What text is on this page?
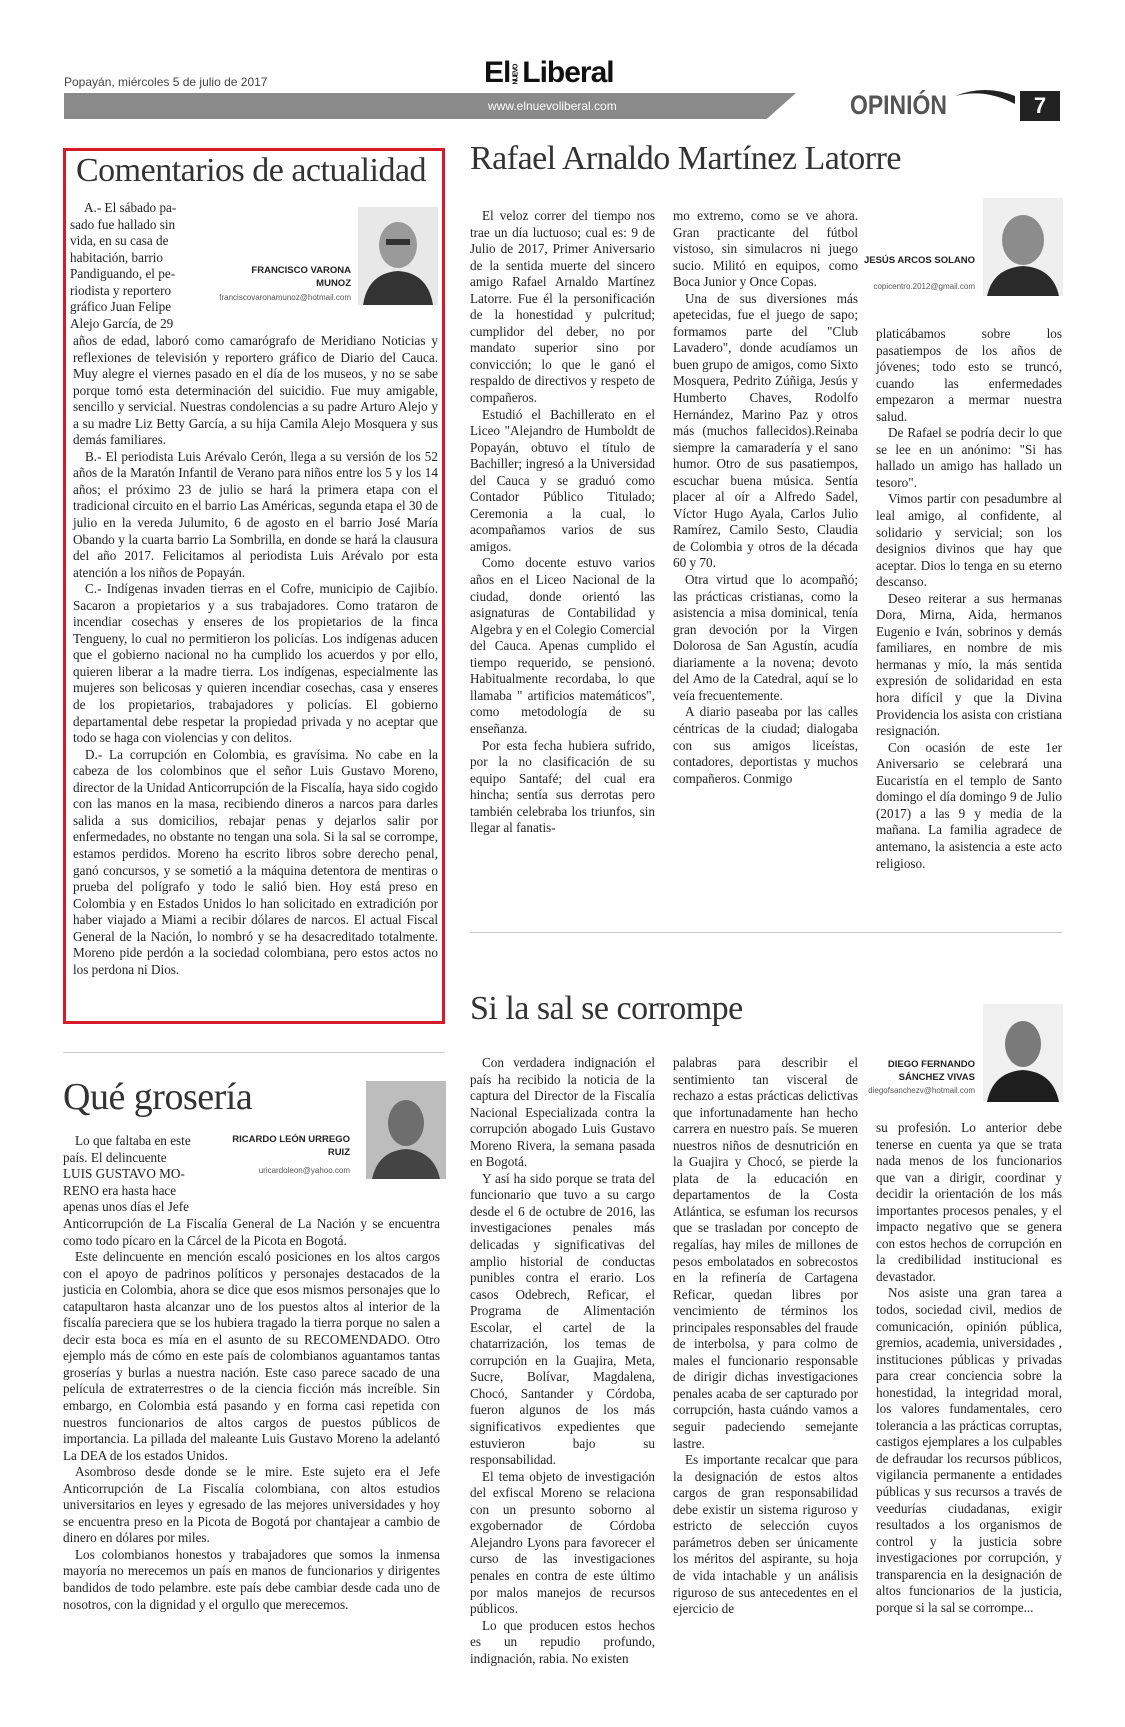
Popayán, miércoles 5 de julio de 2017	El NUEVOLiberal
www.elnuevoliberal.com	OPINIÓN	7
Comentarios de actualidad
FRANCISCO VARONA MUNOZ
franciscovaronamunoz@hotmail.com
A.- El sábado pa-
sado fue hallado sin
vida, en su casa de
habitación, barrio
Pandiguando, el pe-
riodista y reportero
gráfico Juan Felipe
Alejo García, de 29

años de edad, laboró como camarógrafo de Meridiano Noticias y reflexiones de televisión y reportero gráfico de Diario del Cauca. Muy alegre el viernes pasado en el día de los museos, y no se sabe porque tomó esta determinación del suicidio. Fue muy amigable, sencillo y servicial. Nuestras condolencias a su padre Arturo Alejo y a su madre Liz Betty García, a su hija Camila Alejo Mosquera y sus demás familiares.

B.- El periodista Luis Arévalo Cerón, llega a su versión de los 52 años de la Maratón Infantil de Verano para niños entre los 5 y los 14 años; el próximo 23 de julio se hará la primera etapa con el tradicional circuito en el barrio Las Américas, segunda etapa el 30 de julio en la vereda Julumito, 6 de agosto en el barrio José María Obando y la cuarta barrio La Sombrilla, en donde se hará la clausura del año 2017. Felicitamos al periodista Luis Arévalo por esta atención a los niños de Popayán.

C.- Indígenas invaden tierras en el Cofre, municipio de Cajibío. Sacaron a propietarios y a sus trabajadores. Como trataron de incendiar cosechas y enseres de los propietarios de la finca Tengueny, lo cual no permitieron los policías. Los indígenas aducen que el gobierno nacional no ha cumplido los acuerdos y por ello, quieren liberar a la madre tierra. Los indígenas, especialmente las mujeres son belicosas y quieren incendiar cosechas, casa y enseres de los propietarios, trabajadores y policías. El gobierno departamental debe respetar la propiedad privada y no aceptar que todo se haga con violencias y con delitos.

D.- La corrupción en Colombia, es gravísima. No cabe en la cabeza de los colombinos que el señor Luis Gustavo Moreno, director de la Unidad Anticorrupción de la Fiscalía, haya sido cogido con las manos en la masa, recibiendo dineros a narcos para darles salida a sus domicilios, rebajar penas y dejarlos salir por enfermedades, no obstante no tengan una sola. Si la sal se corrompe, estamos perdidos. Moreno ha escrito libros sobre derecho penal, ganó concursos, y se sometió a la máquina detentora de mentiras o prueba del polígrafo y todo le salió bien. Hoy está preso en Colombia y en Estados Unidos lo han solicitado en extradición por haber viajado a Miami a recibir dólares de narcos. El actual Fiscal General de la Nación, lo nombró y se ha desacreditado totalmente. Moreno pide perdón a la sociedad colombiana, pero estos actos no los perdona ni Dios.

Rafael Arnaldo Martínez Latorre
JESÚS ARCOS SOLANO
copicentro.2012@gmail.com

El veloz correr del tiempo nos trae un día luctuoso; cual es: 9 de Julio de 2017, Primer Aniversario de la sentida muerte del sincero amigo Rafael Arnaldo Martínez Latorre. Fue él la personificación de la honestidad y pulcritud; cumplidor del deber, no por mandato superior sino por convicción; lo que le ganó el respaldo de directivos y respeto de compañeros.

Estudió el Bachillerato en el Liceo "Alejandro de Humboldt de Popayán, obtuvo el título de Bachiller; ingresó a la Universidad del Cauca y se graduó como Contador Público Titulado; Ceremonia a la cual, lo acompañamos varios de sus amigos.

Como docente estuvo varios años en el Liceo Nacional de la ciudad, donde orientó las asignaturas de Contabilidad y Algebra y en el Colegio Comercial del Cauca. Apenas cumplido el tiempo requerido, se pensionó. Habitualmente recordaba, lo que llamaba " artificios matemáticos", como metodología de su enseñanza.

Por esta fecha hubiera sufrido, por la no clasificación de su equipo Santafé; del cual era hincha; sentía sus derrotas pero también celebraba los triunfos, sin llegar al fanatis-

mo extremo, como se ve ahora. Gran practicante del fútbol vistoso, sin simulacros ni juego sucio. Militó en equipos, como Boca Junior y Once Copas.

Una de sus diversiones más apetecidas, fue el juego de sapo; formamos parte del "Club Lavadero", donde acudíamos un buen grupo de amigos, como Sixto Mosquera, Pedrito Zúñiga, Jesús y Humberto Chaves, Rodolfo Hernández, Marino Paz y otros más (muchos fallecidos).Reinaba siempre la camaradería y el sano humor. Otro de sus pasatiempos, escuchar buena música. Sentía placer al oír a Alfredo Sadel, Víctor Hugo Ayala, Carlos Julio Ramírez, Camilo Sesto, Claudia de Colombia y otros de la década 60 y 70.

Otra virtud que lo acompañó; las prácticas cristianas, como la asistencia a misa dominical, tenía gran devoción por la Virgen Dolorosa de San Agustín, acudía diariamente a la novena; devoto del Amo de la Catedral, aquí se lo veía frecuentemente.

A diario paseaba por las calles céntricas de la ciudad; dialogaba con sus amigos liceístas, contadores, deportistas y muchos compañeros. Conmigo

platicábamos sobre los pasatiempos de los años de jóvenes; todo esto se truncó, cuando las enfermedades empezaron a mermar nuestra salud.

De Rafael se podría decir lo que se lee en un anónimo: "Si has hallado un amigo has hallado un tesoro".

Vimos partir con pesadumbre al leal amigo, al confidente, al solidario y servicial; son los designios divinos que hay que aceptar. Dios lo tenga en su eterno descanso.

Deseo reiterar a sus hermanas Dora, Mirna, Aida, hermanos Eugenio e Iván, sobrinos y demás familiares, en nombre de mis hermanas y mío, la más sentida expresión de solidaridad en esta hora difícil y que la Divina Providencia los asista con cristiana resignación.

Con ocasión de este 1er Aniversario se celebrará una Eucaristía en el templo de Santo domingo el día domingo 9 de Julio (2017) a las 9 y media de la mañana. La familia agradece de antemano, la asistencia a este acto religioso.

Qué grosería
RICARDO LEÓN URREGO RUIZ
uricardoleon@yahoo.com
Lo que faltaba en este
país. El delincuente
LUIS GUSTAVO MO-
RENO era hasta hace
apenas unos días el Jefe

Anticorrupción de La Fiscalía General de La Nación y se encuentra como todo pícaro en la Cárcel de la Picota en Bogotá.

Este delincuente en mención escaló posiciones en los altos cargos con el apoyo de padrinos políticos y personajes destacados de la justicia en Colombia, ahora se dice que esos mismos personajes que lo catapultaron hasta alcanzar uno de los puestos altos al interior de la fiscalía pareciera que se los hubiera tragado la tierra porque no salen a decir esta boca es mía en el asunto de su RECOMENDADO. Otro ejemplo más de cómo en este país de colombianos aguantamos tantas groserías y burlas a nuestra nación. Este caso parece sacado de una película de extraterrestres o de la ciencia ficción más increíble. Sin embargo, en Colombia está pasando y en forma casi repetida con nuestros funcionarios de altos cargos de puestos públicos de importancia. La pillada del maleante Luis Gustavo Moreno la adelantó La DEA de los estados Unidos.

Asombroso desde donde se le mire. Este sujeto era el Jefe Anticorrupción de La Fiscalía colombiana, con altos estudios universitarios en leyes y egresado de las mejores universidades y hoy se encuentra preso en la Picota de Bogotá por chantajear a cambio de dinero en dólares por miles.

Los colombianos honestos y trabajadores que somos la inmensa mayoría no merecemos un país en manos de funcionarios y dirigentes bandidos de todo pelambre. este país debe cambiar desde cada uno de nosotros, con la dignidad y el orgullo que merecemos.

Si la sal se corrompe
DIEGO FERNANDO SÁNCHEZ VIVAS
diegofsanchezv@hotmail.com

Con verdadera indignación el país ha recibido la noticia de la captura del Director de la Fiscalía Nacional Especializada contra la corrupción abogado Luis Gustavo Moreno Rivera, la semana pasada en Bogotá.

Y así ha sido porque se trata del funcionario que tuvo a su cargo desde el 6 de octubre de 2016, las investigaciones penales más delicadas y significativas del amplio historial de conductas punibles contra el erario. Los casos Odebrech, Reficar, el Programa de Alimentación Escolar, el cartel de la chatarrización, los temas de corrupción en la Guajira, Meta, Sucre, Bolívar, Magdalena, Chocó, Santander y Córdoba, fueron algunos de los más significativos expedientes que estuvieron bajo su responsabilidad.

El tema objeto de investigación del exfiscal Moreno se relaciona con un presunto soborno al exgobernador de Córdoba Alejandro Lyons para favorecer el curso de las investigaciones penales en contra de este último por malos manejos de recursos públicos.

Lo que producen estos hechos es un repudio profundo, indignación, rabia. No existen

palabras para describir el sentimiento tan visceral de rechazo a estas prácticas delictivas que infortunadamente han hecho carrera en nuestro país. Se mueren nuestros niños de desnutrición en la Guajira y Chocó, se pierde la plata de la educación en departamentos de la Costa Atlántica, se esfuman los recursos que se trasladan por concepto de regalías, hay miles de millones de pesos embolatados en sobrecostos en la refinería de Cartagena Reficar, quedan libres por vencimiento de términos los principales responsables del fraude de interbolsa, y para colmo de males el funcionario responsable de dirigir dichas investigaciones penales acaba de ser capturado por corrupción, hasta cuándo vamos a seguir padeciendo semejante lastre.

Es importante recalcar que para la designación de estos altos cargos de gran responsabilidad debe existir un sistema riguroso y estricto de selección cuyos parámetros deben ser únicamente los méritos del aspirante, su hoja de vida intachable y un análisis riguroso de sus antecedentes en el ejercicio de

su profesión. Lo anterior debe tenerse en cuenta ya que se trata nada menos de los funcionarios que van a dirigir, coordinar y decidir la orientación de los más importantes procesos penales, y el impacto negativo que se genera con estos hechos de corrupción en la credibilidad institucional es devastador.

Nos asiste una gran tarea a todos, sociedad civil, medios de comunicación, opinión pública, gremios, academia, universidades , instituciones públicas y privadas para crear conciencia sobre la honestidad, la integridad moral, los valores fundamentales, cero tolerancia a las prácticas corruptas, castigos ejemplares a los culpables de defraudar los recursos públicos, vigilancia permanente a entidades públicas y sus recursos a través de veedurías ciudadanas, exigir resultados a los organismos de control y la justicia sobre investigaciones por corrupción, y transparencia en la designación de altos funcionarios de la justicia, porque si la sal se corrompe...
